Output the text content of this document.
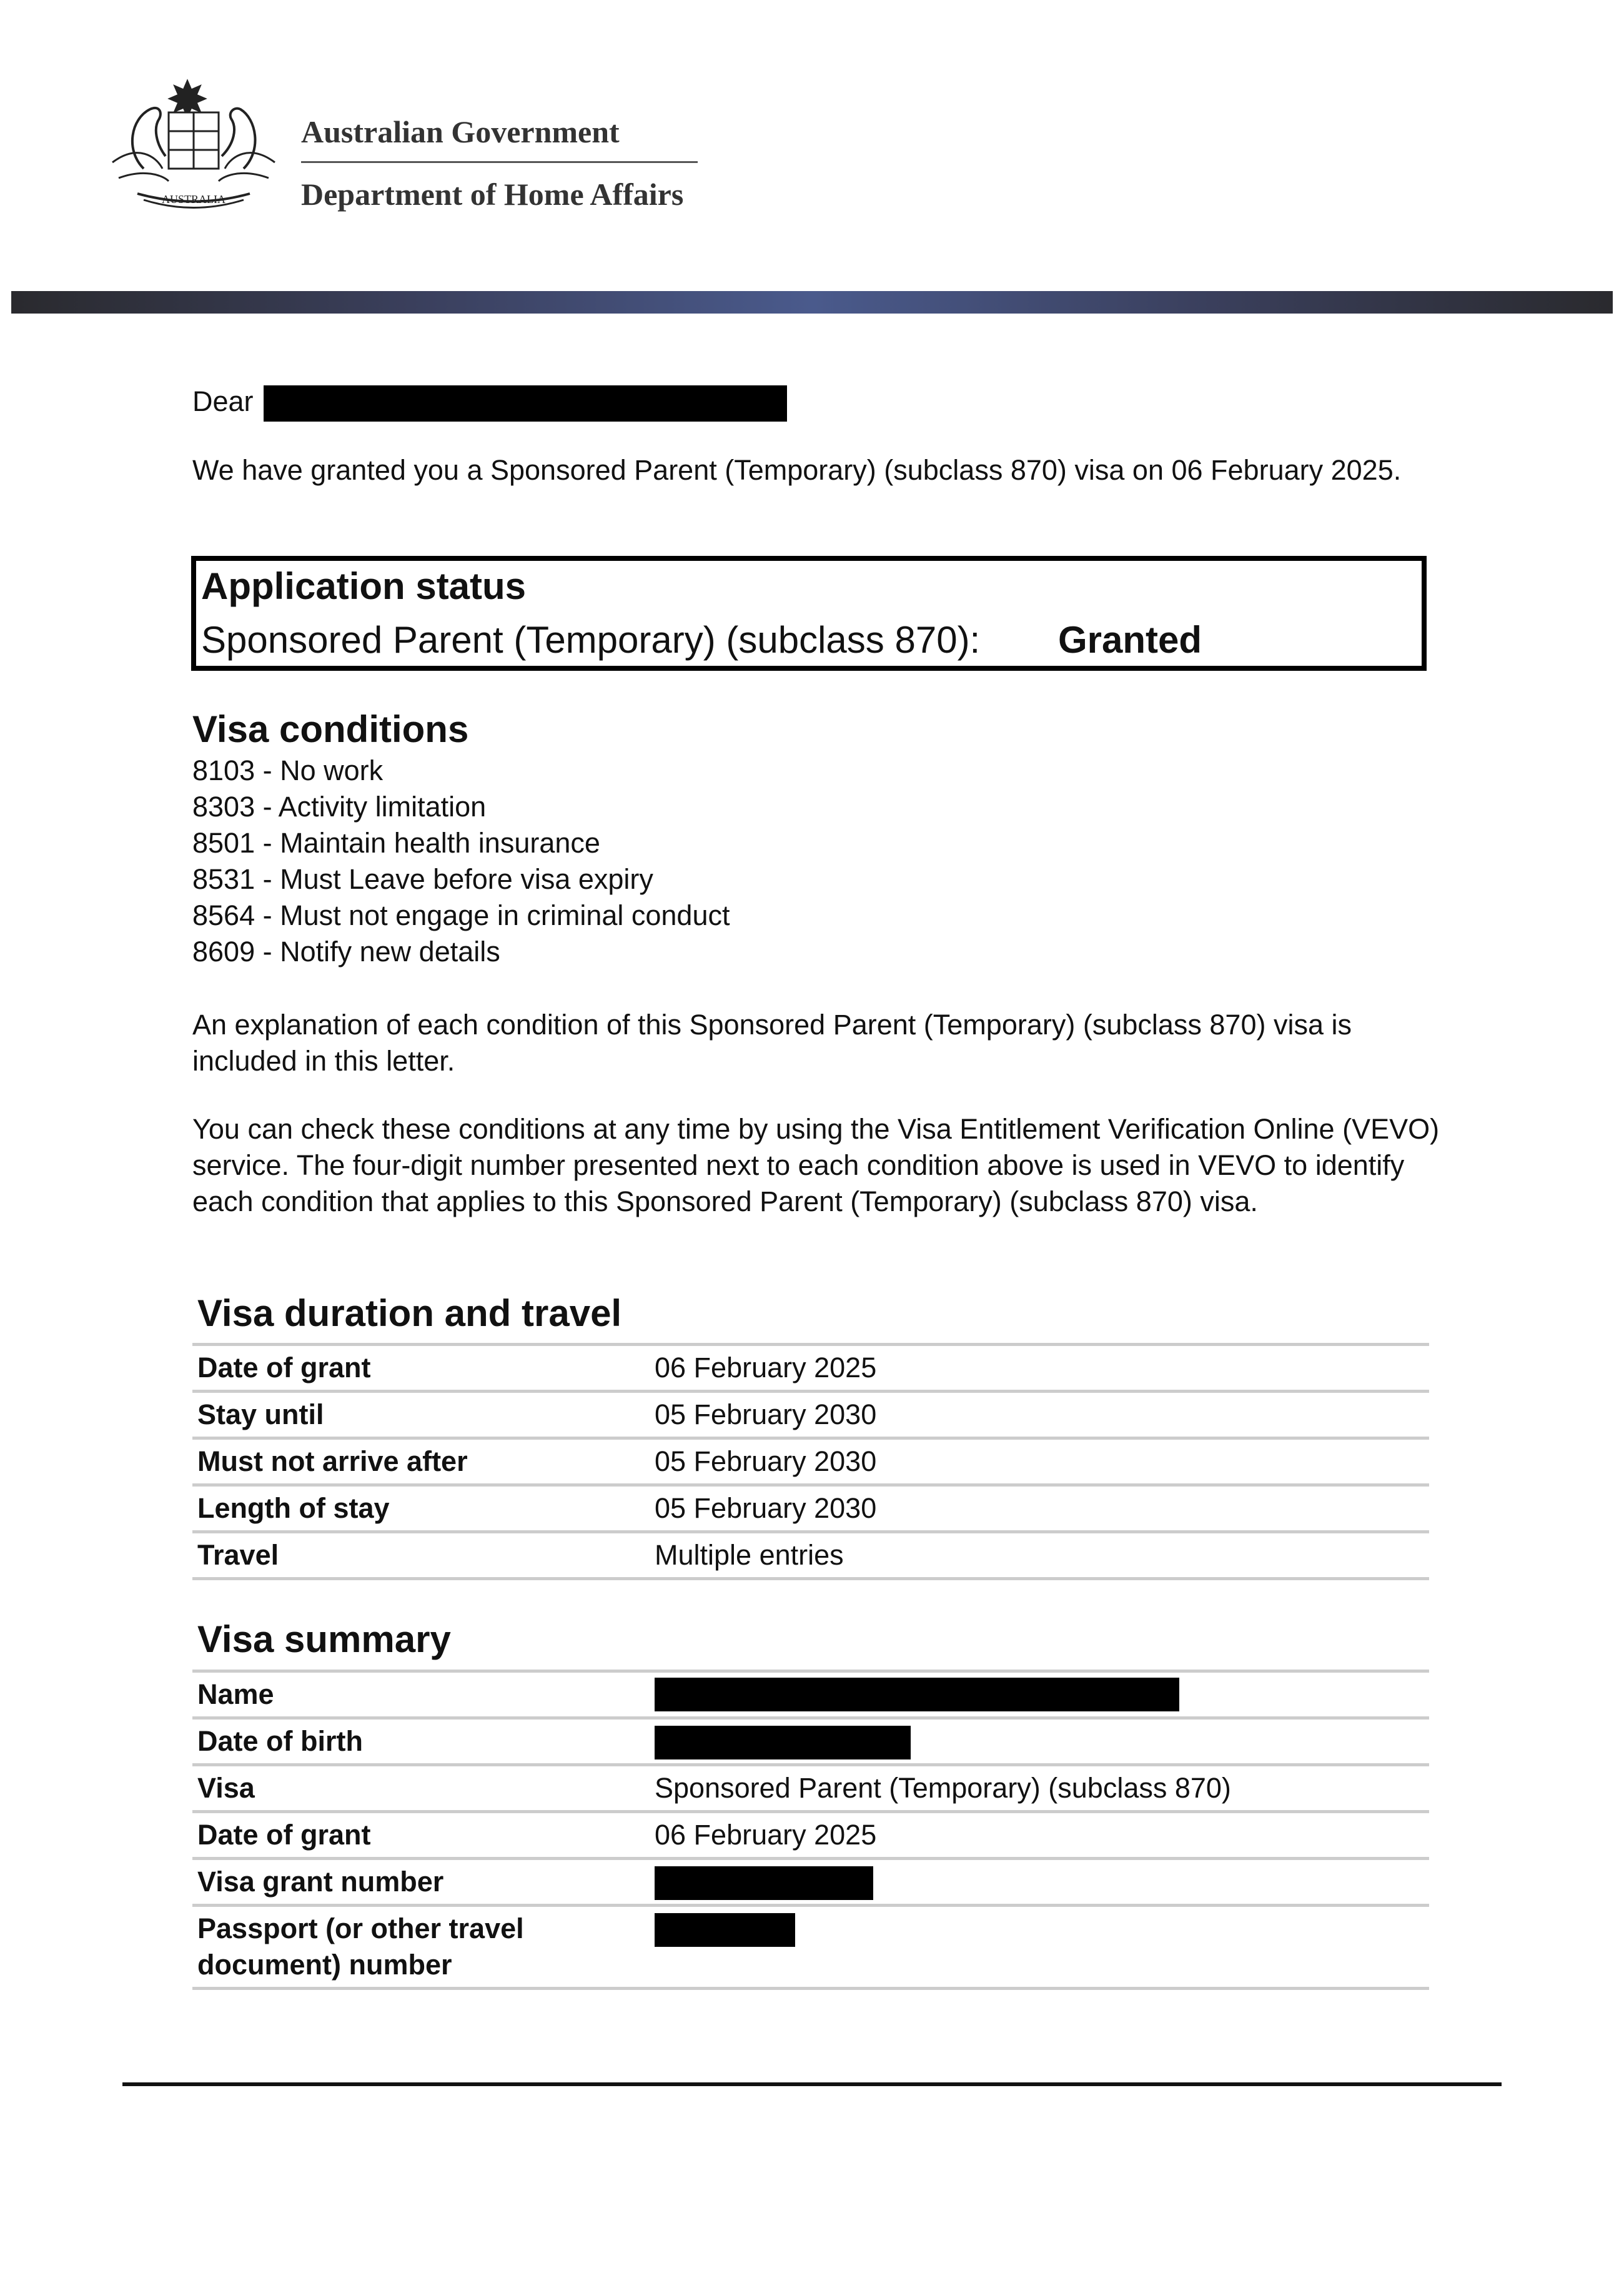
AUSTRALIA
Australian Government
Department of Home Affairs
Dear
We have granted you a Sponsored Parent (Temporary) (subclass 870) visa on 06 February 2025.
Application status
Sponsored Parent (Temporary) (subclass 870): Granted
Visa conditions
8103 - No work
8303 - Activity limitation
8501 - Maintain health insurance
8531 - Must Leave before visa expiry
8564 - Must not engage in criminal conduct
8609 - Notify new details
An explanation of each condition of this Sponsored Parent (Temporary) (subclass 870) visa is included in this letter.
You can check these conditions at any time by using the Visa Entitlement Verification Online (VEVO) service. The four-digit number presented next to each condition above is used in VEVO to identify each condition that applies to this Sponsored Parent (Temporary) (subclass 870) visa.
Visa duration and travel
Date of grant	06 February 2025
Stay until	05 February 2030
Must not arrive after	05 February 2030
Length of stay	05 February 2030
Travel	Multiple entries
Visa summary
Name
Date of birth
Visa	Sponsored Parent (Temporary) (subclass 870)
Date of grant	06 February 2025
Visa grant number
Passport (or other travel document) number
